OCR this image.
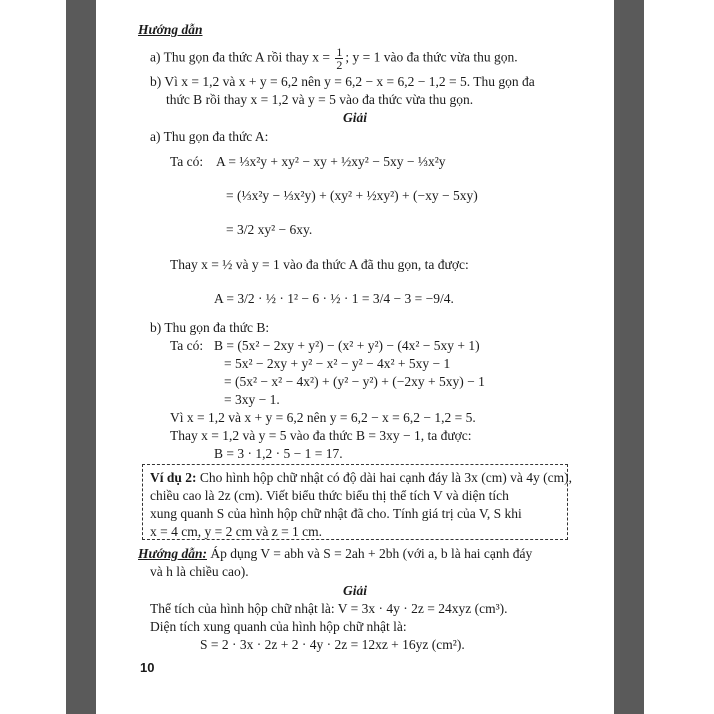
Hướng dẫn
a) Thu gọn đa thức A rồi thay $x = \frac{1}{2}$ ; y = 1 vào đa thức vừa thu gọn.
b) Vì x = 1,2 và x + y = 6,2 nên y = 6,2 − x = 6,2 − 1,2 = 5. Thu gọn đa
thức B rồi thay x = 1,2 và y = 5 vào đa thức vừa thu gọn.
Giải
a) Thu gọn đa thức A:
Ta có: A = ⅓x²y + xy² − xy + ½xy² − 5xy − ⅓x²y
= (⅓x²y − ⅓x²y) + (xy² + ½xy²) + (−xy − 5xy)
= 3/2 xy² − 6xy.
Thay x = ½ và y = 1 vào đa thức A đã thu gọn, ta được:
A = 3/2 · ½ · 1² − 6 · ½ · 1 = 3/4 − 3 = −9/4.
b) Thu gọn đa thức B:
Ta có: B = (5x² − 2xy + y²) − (x² + y²) − (4x² − 5xy + 1)
= 5x² − 2xy + y² − x² − y² − 4x² + 5xy − 1
= (5x² − x² − 4x²) + (y² − y²) + (−2xy + 5xy) − 1
= 3xy − 1.
Vì x = 1,2 và x + y = 6,2 nên y = 6,2 − x = 6,2 − 1,2 = 5.
Thay x = 1,2 và y = 5 vào đa thức B = 3xy − 1, ta được:
B = 3 · 1,2 · 5 − 1 = 17.
Ví dụ 2: Cho hình hộp chữ nhật có độ dài hai cạnh đáy là 3x (cm) và 4y (cm),
chiều cao là 2z (cm). Viết biểu thức biểu thị thể tích V và diện tích
xung quanh S của hình hộp chữ nhật đã cho. Tính giá trị của V, S khi
x = 4 cm, y = 2 cm và z = 1 cm.
Hướng dẫn: Áp dụng V = abh và S = 2ah + 2bh (với a, b là hai cạnh đáy
và h là chiều cao).
Giải
Thể tích của hình hộp chữ nhật là: V = 3x · 4y · 2z = 24xyz (cm³).
Diện tích xung quanh của hình hộp chữ nhật là:
S = 2 · 3x · 2z + 2 · 4y · 2z = 12xz + 16yz (cm²).
10
